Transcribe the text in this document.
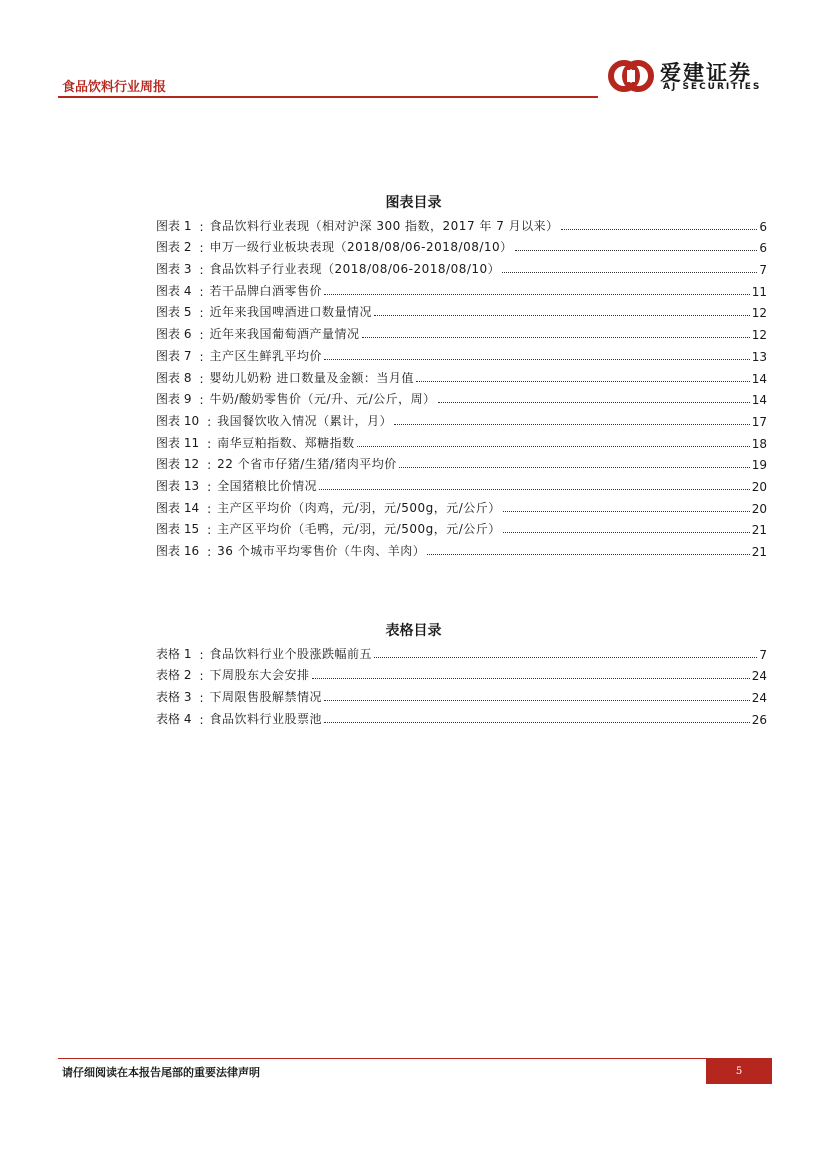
食品饮料行业周报
爱建证券
AJ SECURITIES
图表目录
图表 1 : 食品饮料行业表现（相对沪深 300 指数，2017 年 7 月以来）	6
图表 2 : 申万一级行业板块表现（2018/08/06-2018/08/10）	6
图表 3 : 食品饮料子行业表现（2018/08/06-2018/08/10）	7
图表 4 : 若干品牌白酒零售价	11
图表 5 : 近年来我国啤酒进口数量情况	12
图表 6 : 近年来我国葡萄酒产量情况	12
图表 7 : 主产区生鲜乳平均价	13
图表 8 : 婴幼儿奶粉 进口数量及金额：当月值	14
图表 9 : 牛奶/酸奶零售价（元/升、元/公斤，周）	14
图表 10 : 我国餐饮收入情况（累计，月）	17
图表 11 : 南华豆粕指数、郑糖指数	18
图表 12 : 22 个省市仔猪/生猪/猪肉平均价	19
图表 13 : 全国猪粮比价情况	20
图表 14 : 主产区平均价（肉鸡，元/羽，元/500g，元/公斤）	20
图表 15 : 主产区平均价（毛鸭，元/羽，元/500g，元/公斤）	21
图表 16 : 36 个城市平均零售价（牛肉、羊肉）	21
表格目录
表格 1 : 食品饮料行业个股涨跌幅前五	7
表格 2 : 下周股东大会安排	24
表格 3 : 下周限售股解禁情况	24
表格 4 : 食品饮料行业股票池	26
请仔细阅读在本报告尾部的重要法律声明	5
